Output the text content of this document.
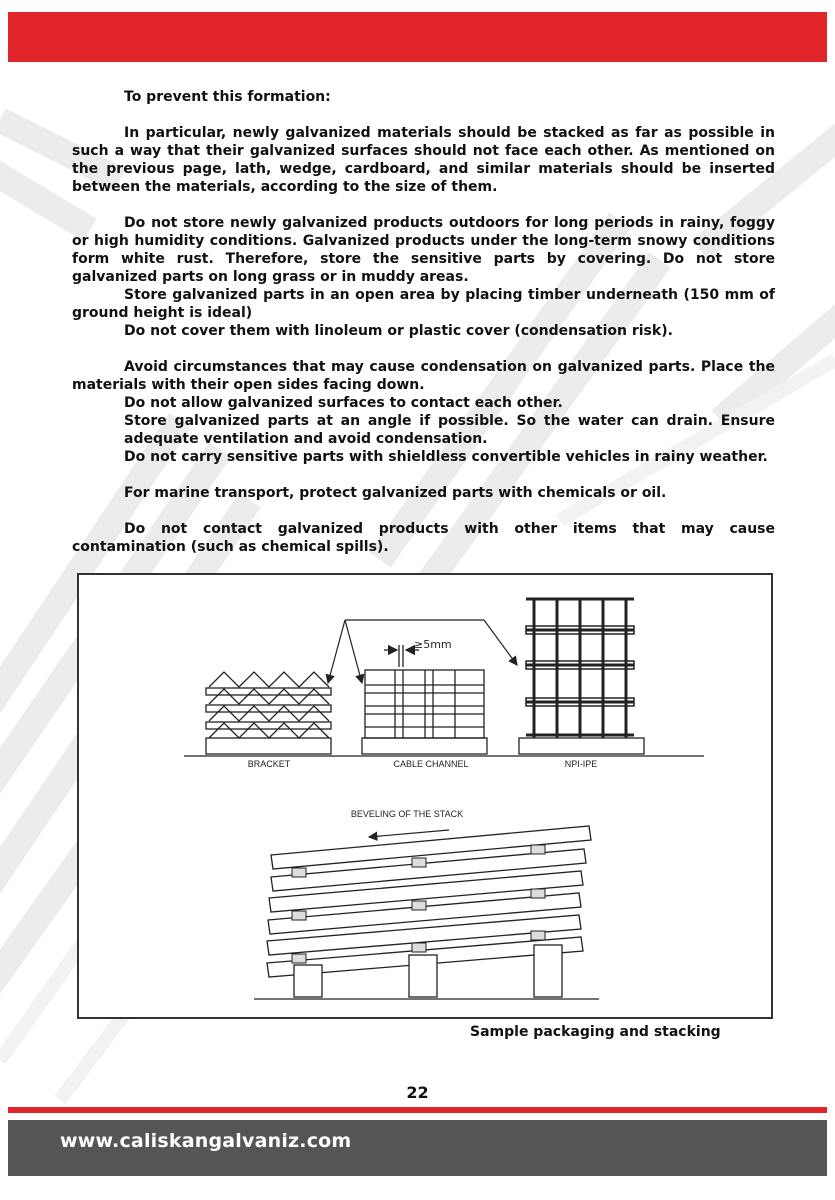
To prevent this formation:

In particular, newly galvanized materials should be stacked as far as possible in such a way that their galvanized surfaces should not face each other. As mentioned on the previous page, lath, wedge, cardboard, and similar materials should be inserted between the materials, according to the size of them.

Do not store newly galvanized products outdoors for long periods in rainy, foggy or high humidity conditions. Galvanized products under the long-term snowy conditions form white rust. Therefore, store the sensitive parts by covering. Do not store galvanized parts on long grass or in muddy areas.

Store galvanized parts in an open area by placing timber underneath (150 mm of ground height is ideal)

Do not cover them with linoleum or plastic cover (condensation risk).

Avoid circumstances that may cause condensation on galvanized parts. Place the materials with their open sides facing down.

Do not allow galvanized surfaces to contact each other.

Store galvanized parts at an angle if possible. So the water can drain. Ensure adequate ventilation and avoid condensation.

Do not carry sensitive parts with shieldless convertible vehicles in rainy weather.

For marine transport, protect galvanized parts with chemicals or oil.

Do not contact galvanized products with other items that may cause contamination (such as chemical spills).

≥5mm
BRACKET	CABLE CHANNEL	NPI-IPE
BEVELING OF THE STACK
Sample packaging and stacking
22
www.caliskangalvaniz.com
